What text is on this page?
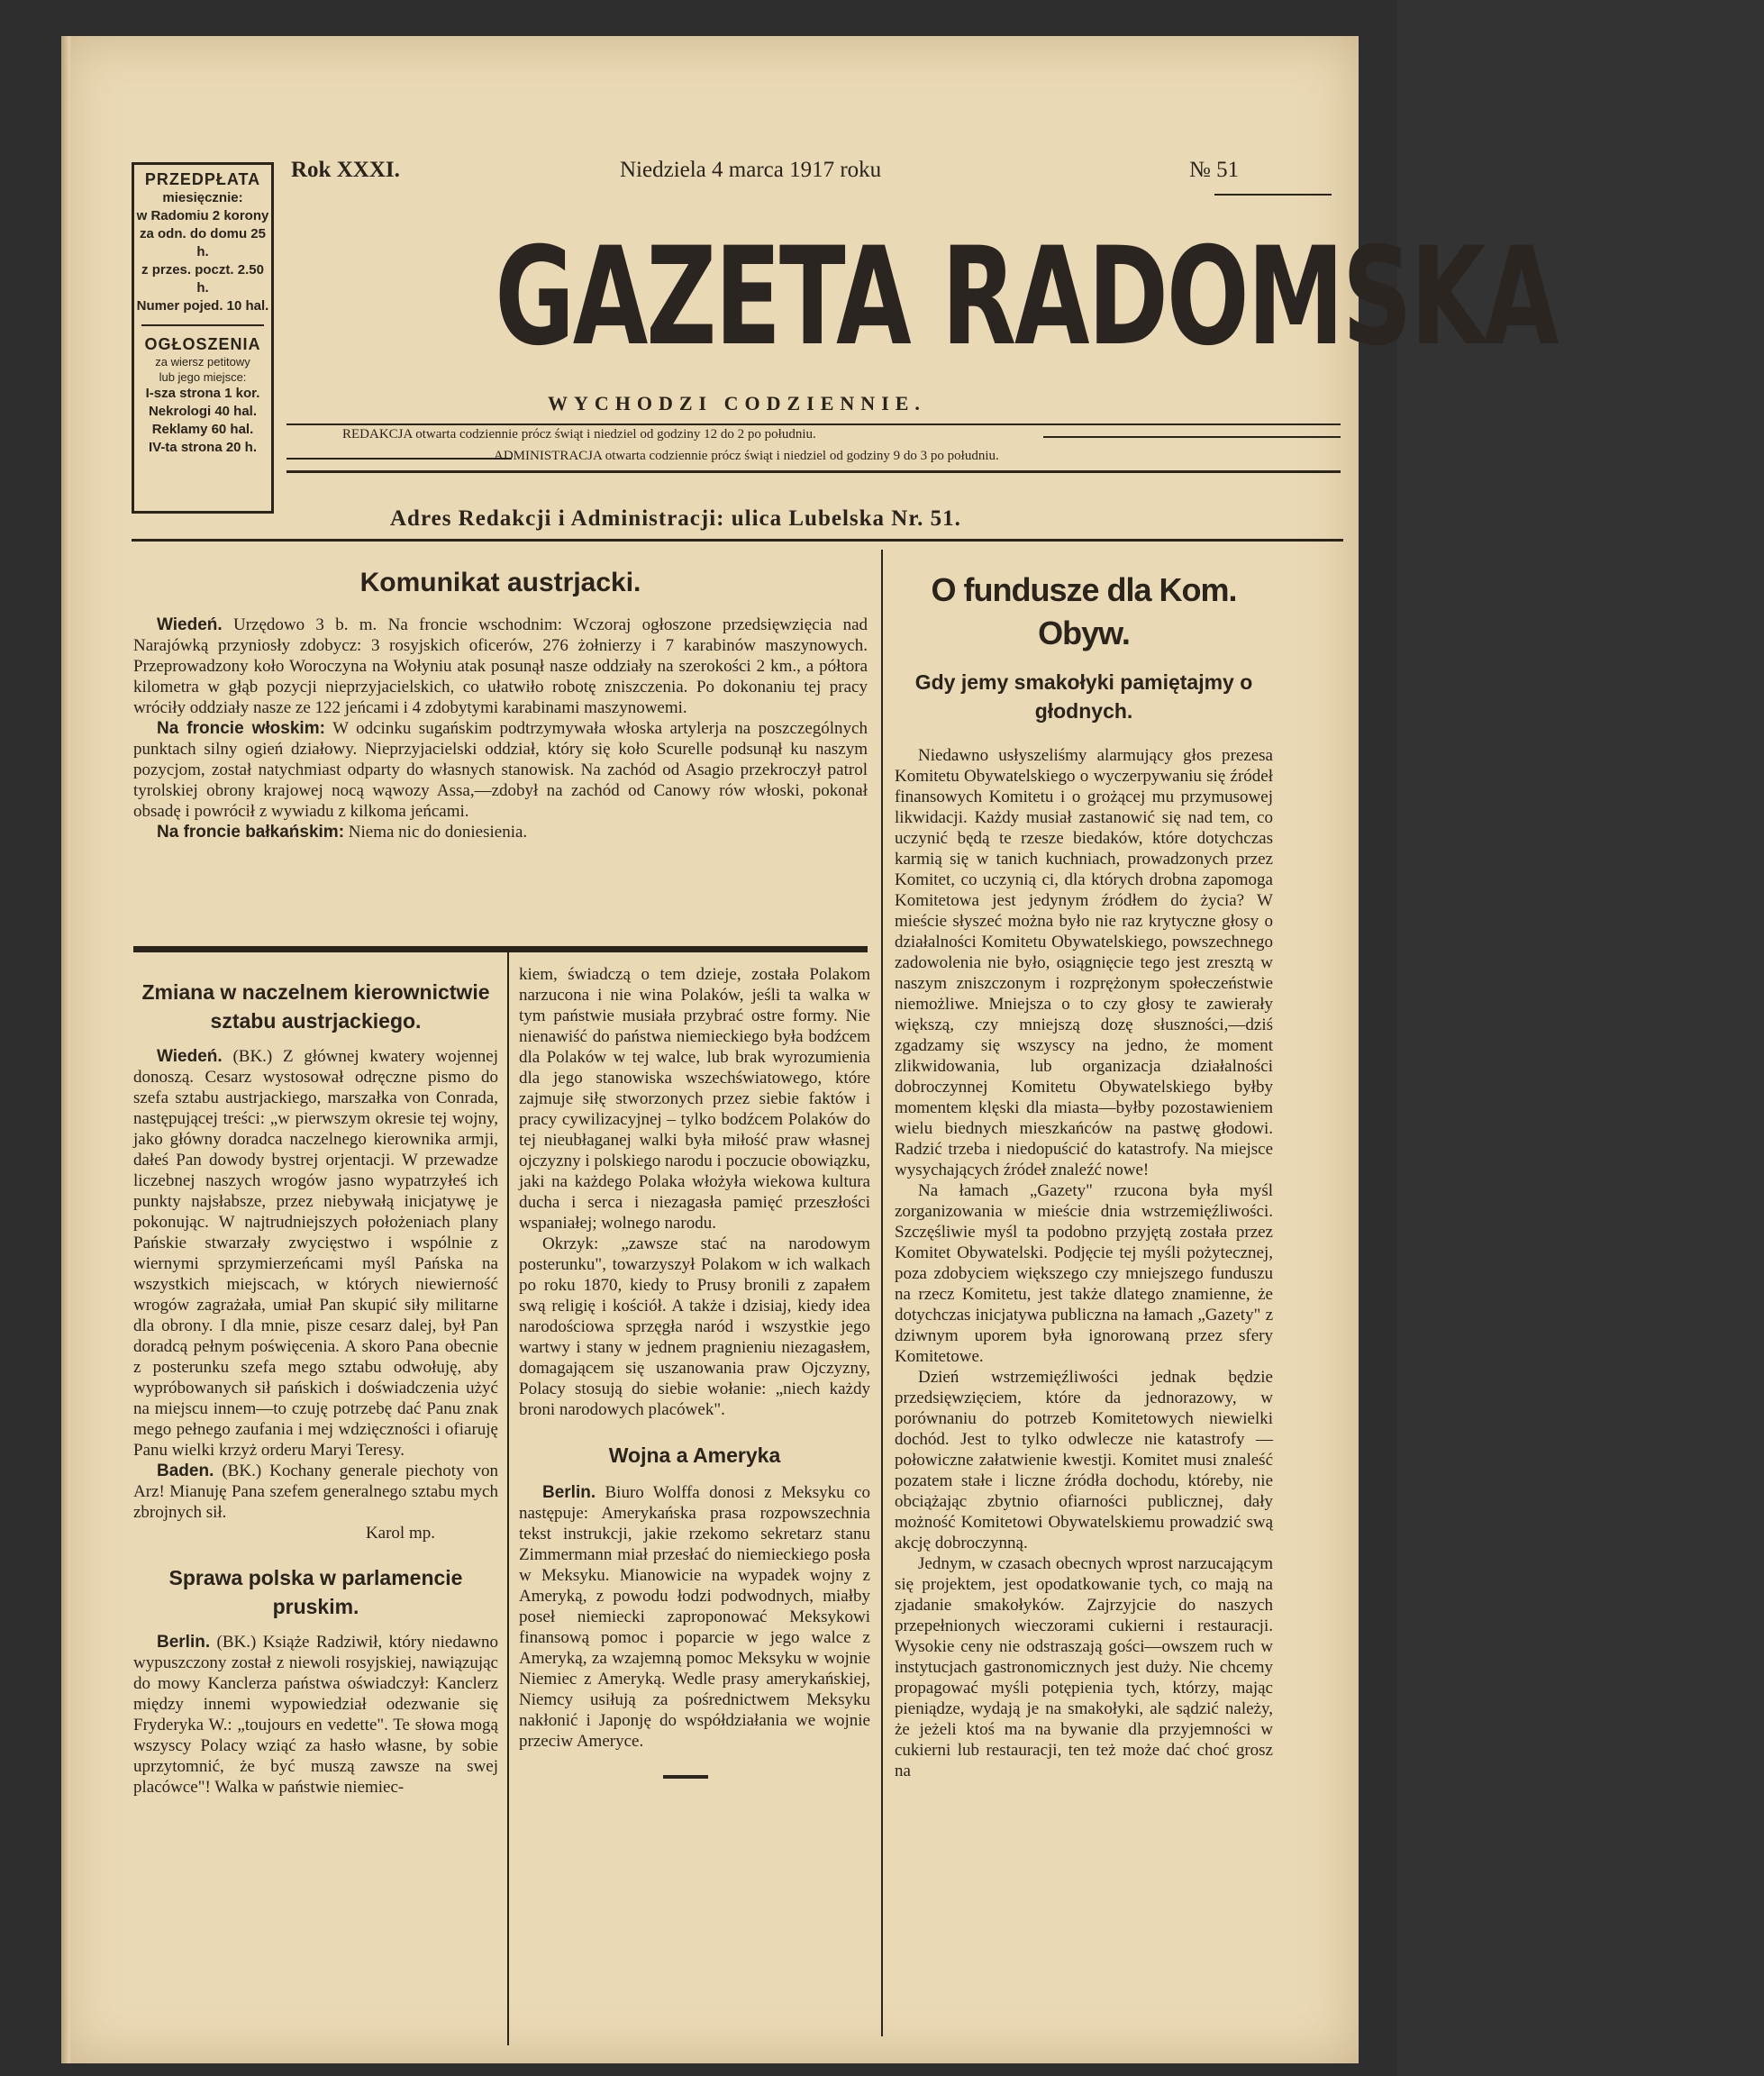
PRZEDPŁATA
miesięcznie:
w Radomiu 2 korony
za odn. do domu 25 h.
z przes. poczt. 2.50 h.
Numer pojed. 10 hal.
OGŁOSZENIA
za wiersz petitowy
lub jego miejsce:
I-sza strona 1 kor.
Nekrologi 40 hal.
Reklamy 60 hal.
IV-ta strona 20 h.
Rok XXXI.	Niedziela 4 marca 1917 roku	№ 51
GAZETA RADOMSKA
WYCHODZI CODZIENNIE.
REDAKCJA otwarta codziennie prócz świąt i niedziel od godziny 12 do 2 po południu.
ADMINISTRACJA otwarta codziennie prócz świąt i niedziel od godziny 9 do 3 po południu.
Adres Redakcji i Administracji: ulica Lubelska Nr. 51.
Komunikat austrjacki.

Wiedeń. Urzędowo 3 b. m. Na froncie wschodnim: Wczoraj ogłoszone przedsięwzięcia nad Narajówką przyniosły zdobycz: 3 rosyjskich oficerów, 276 żołnierzy i 7 karabinów maszynowych. Przeprowadzony koło Woroczyna na Wołyniu atak posunął nasze oddziały na szerokości 2 km., a półtora kilometra w głąb pozycji nieprzyjacielskich, co ułatwiło robotę zniszczenia. Po dokonaniu tej pracy wróciły oddziały nasze ze 122 jeńcami i 4 zdobytymi karabinami maszynowemi.

Na froncie włoskim: W odcinku sugańskim podtrzymywała włoska artylerja na poszczególnych punktach silny ogień działowy. Nieprzyjacielski oddział, który się koło Scurelle podsunął ku naszym pozycjom, został natychmiast odparty do własnych stanowisk. Na zachód od Asagio przekroczył patrol tyrolskiej obrony krajowej nocą wąwozy Assa,—zdobył na zachód od Canowy rów włoski, pokonał obsadę i powrócił z wywiadu z kilkoma jeńcami.

Na froncie bałkańskim: Niema nic do doniesienia.

Zmiana w naczelnem kierownictwie sztabu austrjackiego.

Wiedeń. (BK.) Z głównej kwatery wojennej donoszą. Cesarz wystosował odręczne pismo do szefa sztabu austrjackiego, marszałka von Conrada, następującej treści: „w pierwszym okresie tej wojny, jako główny doradca naczelnego kierownika armji, dałeś Pan dowody bystrej orjentacji. W przewadze liczebnej naszych wrogów jasno wypatrzyłeś ich punkty najsłabsze, przez niebywałą inicjatywę je pokonując. W najtrudniejszych położeniach plany Pańskie stwarzały zwycięstwo i wspólnie z wiernymi sprzymierzeńcami myśl Pańska na wszystkich miejscach, w których niewierność wrogów zagrażała, umiał Pan skupić siły militarne dla obrony. I dla mnie, pisze cesarz dalej, był Pan doradcą pełnym poświęcenia. A skoro Pana obecnie z posterunku szefa mego sztabu odwołuję, aby wypróbowanych sił pańskich i doświadczenia użyć na miejscu innem—to czuję potrzebę dać Panu znak mego pełnego zaufania i mej wdzięczności i ofiaruję Panu wielki krzyż orderu Maryi Teresy.

Baden. (BK.) Kochany generale piechoty von Arz! Mianuję Pana szefem generalnego sztabu mych zbrojnych sił.

Karol mp.

Sprawa polska w parlamencie pruskim.

Berlin. (BK.) Książe Radziwił, który niedawno wypuszczony został z niewoli rosyjskiej, nawiązując do mowy Kanclerza państwa oświadczył: Kanclerz między innemi wypowiedział odezwanie się Fryderyka W.: „toujours en vedette". Te słowa mogą wszyscy Polacy wziąć za hasło własne, by sobie uprzytomnić, że być muszą zawsze na swej placówce"! Walka w państwie niemiec-

kiem, świadczą o tem dzieje, została Polakom narzucona i nie wina Polaków, jeśli ta walka w tym państwie musiała przybrać ostre formy. Nie nienawiść do państwa niemieckiego była bodźcem dla Polaków w tej walce, lub brak wyrozumienia dla jego stanowiska wszechświatowego, które zajmuje siłę stworzonych przez siebie faktów i pracy cywilizacyjnej – tylko bodźcem Polaków do tej nieubłaganej walki była miłość praw własnej ojczyzny i polskiego narodu i poczucie obowiązku, jaki na każdego Polaka włożyła wiekowa kultura ducha i serca i niezagasła pamięć przeszłości wspaniałej; wolnego narodu.

Okrzyk: „zawsze stać na narodowym posterunku", towarzyszył Polakom w ich walkach po roku 1870, kiedy to Prusy bronili z zapałem swą religię i kościół. A także i dzisiaj, kiedy idea narodościowa sprzęgła naród i wszystkie jego wartwy i stany w jednem pragnieniu niezagasłem, domagającem się uszanowania praw Ojczyzny, Polacy stosują do siebie wołanie: „niech każdy broni narodowych placówek".

Wojna a Ameryka

Berlin. Biuro Wolffa donosi z Meksyku co następuje: Amerykańska prasa rozpowszechnia tekst instrukcji, jakie rzekomo sekretarz stanu Zimmermann miał przesłać do niemieckiego posła w Meksyku. Mianowicie na wypadek wojny z Ameryką, z powodu łodzi podwodnych, miałby poseł niemiecki zaproponować Meksykowi finansową pomoc i poparcie w jego walce z Ameryką, za wzajemną pomoc Meksyku w wojnie Niemiec z Ameryką. Wedle prasy amerykańskiej, Niemcy usiłują za pośrednictwem Meksyku nakłonić i Japonję do współdziałania we wojnie przeciw Ameryce.

O fundusze dla Kom. Obyw.
Gdy jemy smakołyki pamiętajmy o głodnych.

Niedawno usłyszeliśmy alarmujący głos prezesa Komitetu Obywatelskiego o wyczerpywaniu się źródeł finansowych Komitetu i o grożącej mu przymusowej likwidacji. Każdy musiał zastanowić się nad tem, co uczynić będą te rzesze biedaków, które dotychczas karmią się w tanich kuchniach, prowadzonych przez Komitet, co uczynią ci, dla których drobna zapomoga Komitetowa jest jedynym źródłem do życia? W mieście słyszeć można było nie raz krytyczne głosy o działalności Komitetu Obywatelskiego, powszechnego zadowolenia nie było, osiągnięcie tego jest zresztą w naszym zniszczonym i rozprężonym społeczeństwie niemożliwe. Mniejsza o to czy głosy te zawierały większą, czy mniejszą dozę słuszności,—dziś zgadzamy się wszyscy na jedno, że moment zlikwidowania, lub organizacja działalności dobroczynnej Komitetu Obywatelskiego byłby momentem klęski dla miasta—byłby pozostawieniem wielu biednych mieszkańców na pastwę głodowi. Radzić trzeba i niedopuścić do katastrofy. Na miejsce wysychających źródeł znaleźć nowe!

Na łamach „Gazety" rzucona była myśl zorganizowania w mieście dnia wstrzemięźliwości. Szczęśliwie myśl ta podobno przyjętą została przez Komitet Obywatelski. Podjęcie tej myśli pożytecznej, poza zdobyciem większego czy mniejszego funduszu na rzecz Komitetu, jest także dlatego znamienne, że dotychczas inicjatywa publiczna na łamach „Gazety" z dziwnym uporem była ignorowaną przez sfery Komitetowe.

Dzień wstrzemięźliwości jednak będzie przedsięwzięciem, które da jednorazowy, w porównaniu do potrzeb Komitetowych niewielki dochód. Jest to tylko odwlecze nie katastrofy — połowiczne załatwienie kwestji. Komitet musi znaleść pozatem stałe i liczne źródła dochodu, któreby, nie obciążając zbytnio ofiarności publicznej, dały możność Komitetowi Obywatelskiemu prowadzić swą akcję dobroczynną.

Jednym, w czasach obecnych wprost narzucającym się projektem, jest opodatkowanie tych, co mają na zjadanie smakołyków. Zajrzyjcie do naszych przepełnionych wieczorami cukierni i restauracji. Wysokie ceny nie odstraszają gości—owszem ruch w instytucjach gastronomicznych jest duży. Nie chcemy propagować myśli potępienia tych, którzy, mając pieniądze, wydają je na smakołyki, ale sądzić należy, że jeżeli ktoś ma na bywanie dla przyjemności w cukierni lub restauracji, ten też może dać choć grosz na
